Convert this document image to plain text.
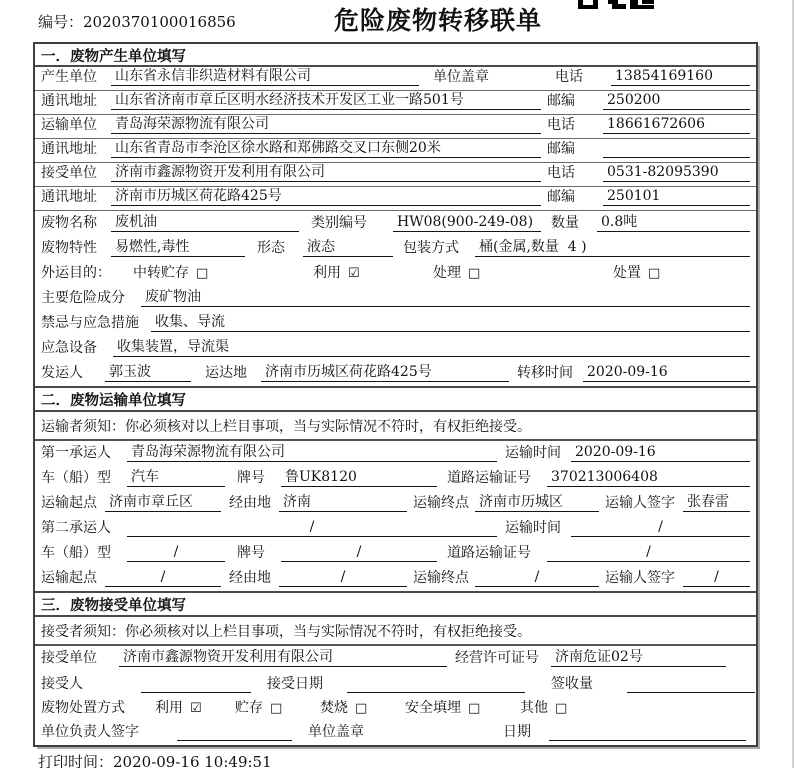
编号：2020370100016856	危险废物转移联单
一．废物产生单位填写
产生单位	山东省永信非织造材料有限公司	单位盖章	电话	13854169160
通讯地址	山东省济南市章丘区明水经济技术开发区工业一路501号	邮编	250200
运输单位	青岛海荣源物流有限公司	电话	18661672606
通讯地址	山东省青岛市李沧区徐水路和郑佛路交叉口东侧20米	邮编
接受单位	济南市鑫源物资开发利用有限公司	电话	0531-82095390
通讯地址	济南市历城区荷花路425号	邮编	250101
废物名称	废机油	类别编号	HW08(900-249-08)	数量	0.8吨
废物特性	易燃性,毒性	形态	液态	包装方式	桶(金属,数量  4 )
外运目的：	中转贮存 □	利用 ☑	处理 □	处置 □
主要危险成分 废矿物油
禁忌与应急措施 收集、导流
应急设备 收集装置，导流渠
发运人	郭玉波	运达地	济南市历城区荷花路425号	转移时间	2020-09-16
二．废物运输单位填写
运输者须知：你必须核对以上栏目事项，当与实际情况不符时，有权拒绝接受。
第一承运人	青岛海荣源物流有限公司	运输时间	2020-09-16
车（船）型	汽车	牌号	鲁UK8120	道路运输证号	370213006408
运输起点 济南市章丘区	经由地 济南	运输终点 济南市历城区	运输人签字 张春雷
第二承运人	/	运输时间	/
车（船）型	/	牌号	/	道路运输证号	/
运输起点	/	经由地	/	运输终点	/	运输人签字	/
三．废物接受单位填写
接受者须知：你必须核对以上栏目事项，当与实际情况不符时，有权拒绝接受。
接受单位	济南市鑫源物资开发利用有限公司	经营许可证号	济南危证02号
接受人	接受日期	签收量
废物处置方式 利用 ☑ 贮存 □	焚烧 □	安全填埋 □	其他 □
单位负责人签字	单位盖章	日期
打印时间：2020-09-16 10:49:51
